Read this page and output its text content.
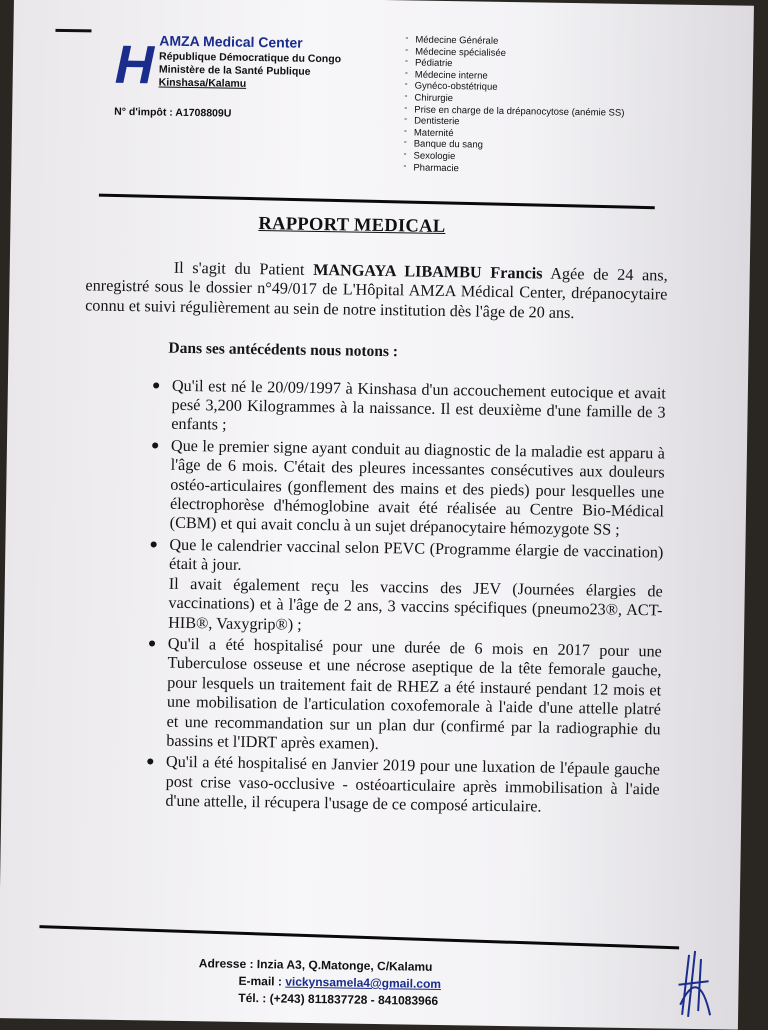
H AMZA Medical Center
République Démocratique du Congo
Ministère de la Santé Publique
Kinshasa/Kalamu
N° d'impôt : A1708809U
- Médecine Générale
- Médecine spécialisée
- Pédiatrie
- Médecine interne
- Gynéco-obstétrique
- Chirurgie
- Prise en charge de la drépanocytose (anémie SS)
- Dentisterie
- Maternité
- Banque du sang
- Sexologie
- Pharmacie
RAPPORT MEDICAL

Il s'agit du Patient MANGAYA LIBAMBU Francis Agée de 24 ans, enregistré sous le dossier n°49/017 de L'Hôpital AMZA Médical Center, drépanocytaire connu et suivi régulièrement au sein de notre institution dès l'âge de 20 ans.

Dans ses antécédents nous notons :
● Qu'il est né le 20/09/1997 à Kinshasa d'un accouchement eutocique et avait pesé 3,200 Kilogrammes à la naissance. Il est deuxième d'une famille de 3 enfants ;

● Que le premier signe ayant conduit au diagnostic de la maladie est apparu à l'âge de 6 mois. C'était des pleures incessantes consécutives aux douleurs ostéo-articulaires (gonflement des mains et des pieds) pour lesquelles une électrophorèse d'hémoglobine avait été réalisée au Centre Bio-Médical (CBM) et qui avait conclu à un sujet drépanocytaire hémozygote SS ;

● Que le calendrier vaccinal selon PEVC (Programme élargie de vaccination) était à jour.

Il avait également reçu les vaccins des JEV (Journées élargies de vaccinations) et à l'âge de 2 ans, 3 vaccins spécifiques (pneumo23®, ACT-HIB®, Vaxygrip®) ;

● Qu'il a été hospitalisé pour une durée de 6 mois en 2017 pour une Tuberculose osseuse et une nécrose aseptique de la tête femorale gauche, pour lesquels un traitement fait de RHEZ a été instauré pendant 12 mois et une mobilisation de l'articulation coxofemorale à l'aide d'une attelle platré et une recommandation sur un plan dur (confirmé par la radiographie du bassins et l'IDRT après examen).

● Qu'il a été hospitalisé en Janvier 2019 pour une luxation de l'épaule gauche post crise vaso-occlusive - ostéoarticulaire après immobilisation à l'aide d'une attelle, il récupera l'usage de ce composé articulaire.

Adresse : Inzia A3, Q.Matonge, C/Kalamu
E-mail : vickynsamela4@gmail.com
Tél. : (+243) 811837728 - 841083966
